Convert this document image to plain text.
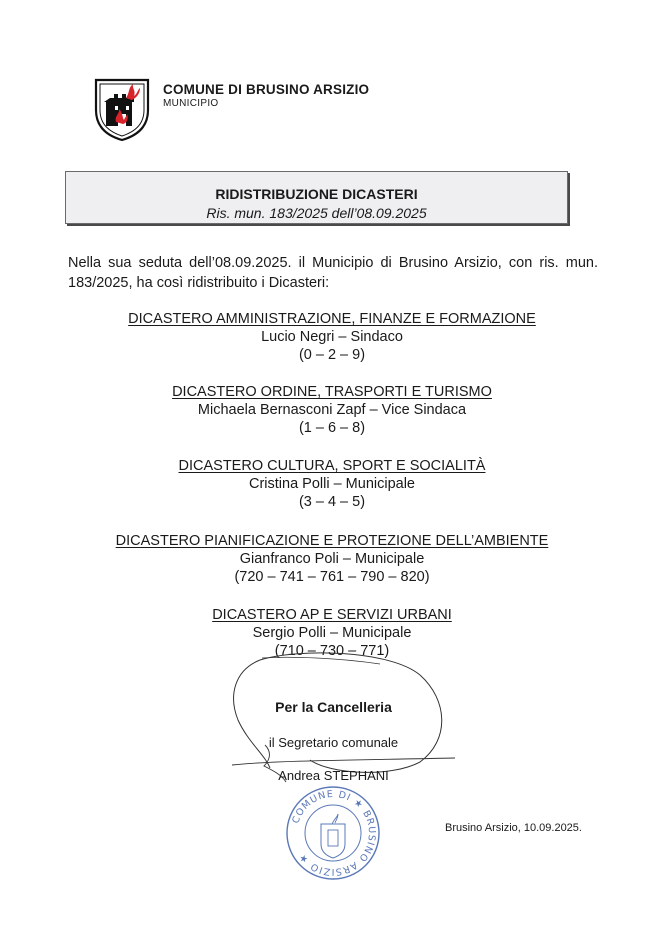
COMUNE DI BRUSINO ARSIZIO
MUNICIPIO
RIDISTRIBUZIONE DICASTERI
Ris. mun. 183/2025 dell’08.09.2025
Nella sua seduta dell’08.09.2025. il Municipio di Brusino Arsizio, con ris. mun. 183/2025, ha così ridistribuito i Dicasteri:
DICASTERO AMMINISTRAZIONE, FINANZE E FORMAZIONE
Lucio Negri – Sindaco
(0 – 2 – 9)
DICASTERO ORDINE, TRASPORTI E TURISMO
Michaela Bernasconi Zapf – Vice Sindaca
(1 – 6 – 8)
DICASTERO CULTURA, SPORT E SOCIALITÀ
Cristina Polli – Municipale
(3 – 4 – 5)
DICASTERO PIANIFICAZIONE E PROTEZIONE DELL’AMBIENTE
Gianfranco Poli – Municipale
(720 – 741 – 761 – 790 – 820)
DICASTERO AP E SERVIZI URBANI
Sergio Polli – Municipale
(710 – 730 – 771)
Per la Cancelleria
il Segretario comunale
Andrea STEPHANI
COMUNE DI ★ BRUSINO ARSIZIO ★
Brusino Arsizio, 10.09.2025.
